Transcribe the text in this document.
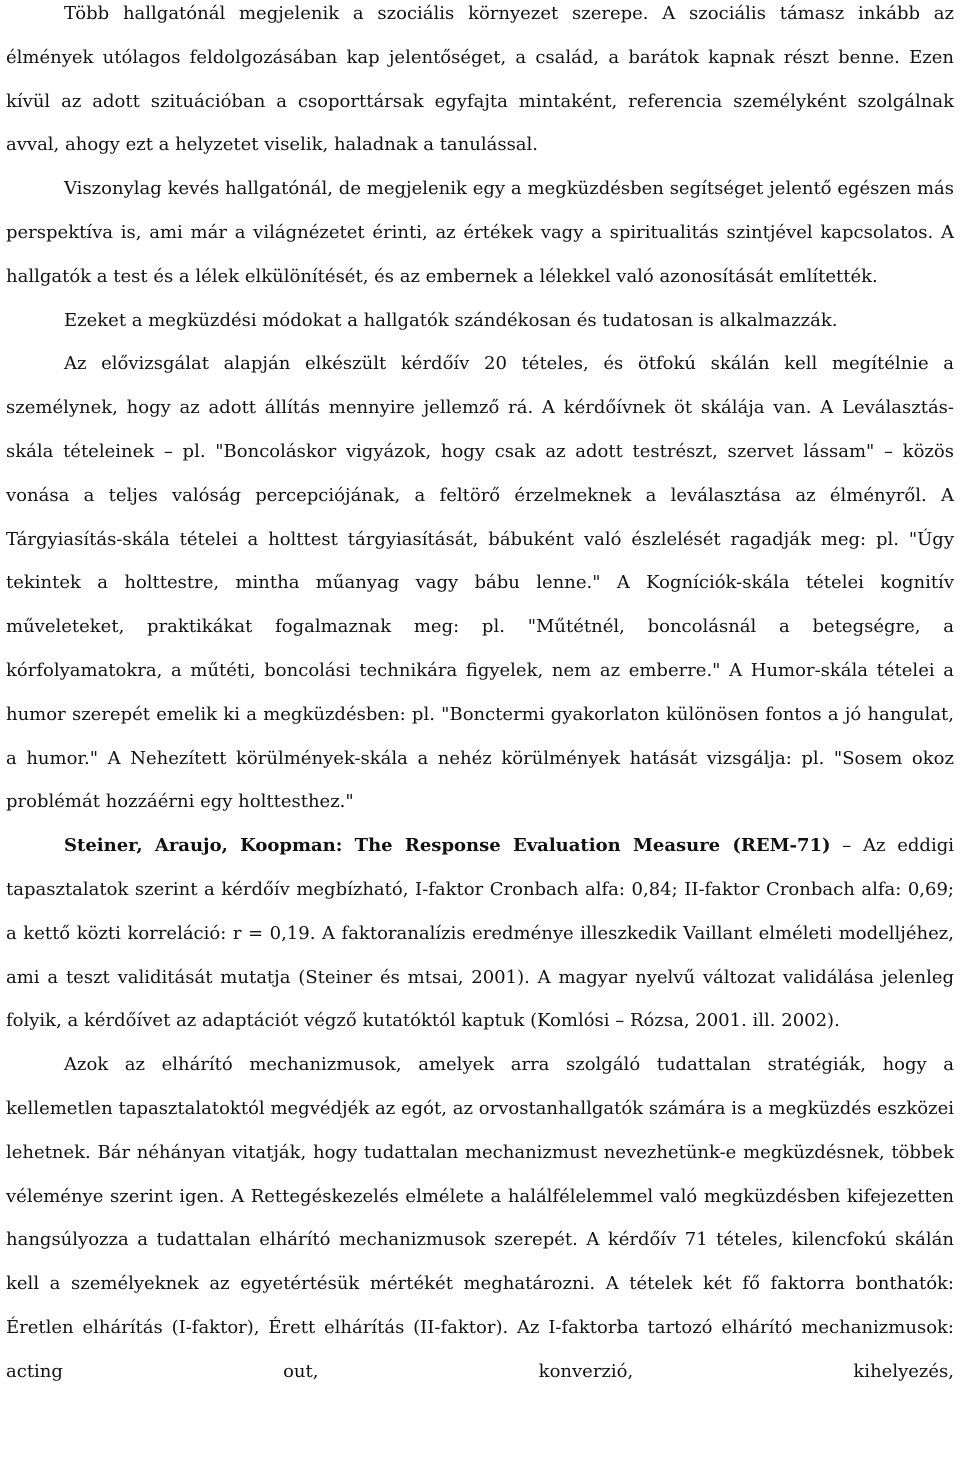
Több hallgatónál megjelenik a szociális környezet szerepe. A szociális támasz inkább az élmények utólagos feldolgozásában kap jelentőséget, a család, a barátok kapnak részt benne. Ezen kívül az adott szituációban a csoporttársak egyfajta mintaként, referencia személyként szolgálnak avval, ahogy ezt a helyzetet viselik, haladnak a tanulással.

Viszonylag kevés hallgatónál, de megjelenik egy a megküzdésben segítséget jelentő egészen más perspektíva is, ami már a világnézetet érinti, az értékek vagy a spiritualitás szintjével kapcsolatos. A hallgatók a test és a lélek elkülönítését, és az embernek a lélekkel való azonosítását említették.

Ezeket a megküzdési módokat a hallgatók szándékosan és tudatosan is alkalmazzák.

Az elővizsgálat alapján elkészült kérdőív 20 tételes, és ötfokú skálán kell megítélnie a személynek, hogy az adott állítás mennyire jellemző rá. A kérdőívnek öt skálája van. A Leválasztás-skála tételeinek – pl. "Boncoláskor vigyázok, hogy csak az adott testrészt, szervet lássam" – közös vonása a teljes valóság percepciójának, a feltörő érzelmeknek a leválasztása az élményről. A Tárgyiasítás-skála tételei a holttest tárgyiasítását, bábuként való észlelését ragadják meg: pl. "Úgy tekintek a holttestre, mintha műanyag vagy bábu lenne." A Kogníciók-skála tételei kognitív műveleteket, praktikákat fogalmaznak meg: pl. "Műtétnél, boncolásnál a betegségre, a kórfolyamatokra, a műtéti, boncolási technikára figyelek, nem az emberre." A Humor-skála tételei a humor szerepét emelik ki a megküzdésben: pl. "Bonctermi gyakorlaton különösen fontos a jó hangulat, a humor." A Nehezített körülmények-skála a nehéz körülmények hatását vizsgálja: pl. "Sosem okoz problémát hozzáérni egy holttesthez."

Steiner, Araujo, Koopman: The Response Evaluation Measure (REM-71) – Az eddigi tapasztalatok szerint a kérdőív megbízható, I-faktor Cronbach alfa: 0,84; II-faktor Cronbach alfa: 0,69; a kettő közti korreláció: r = 0,19. A faktoranalízis eredménye illeszkedik Vaillant elméleti modelljéhez, ami a teszt validitását mutatja (Steiner és mtsai, 2001). A magyar nyelvű változat validálása jelenleg folyik, a kérdőívet az adaptációt végző kutatóktól kaptuk (Komlósi – Rózsa, 2001. ill. 2002).

Azok az elhárító mechanizmusok, amelyek arra szolgáló tudattalan stratégiák, hogy a kellemetlen tapasztalatoktól megvédjék az egót, az orvostanhallgatók számára is a megküzdés eszközei lehetnek. Bár néhányan vitatják, hogy tudattalan mechanizmust nevezhetünk-e megküzdésnek, többek véleménye szerint igen. A Rettegéskezelés elmélete a halálfélelemmel való megküzdésben kifejezetten hangsúlyozza a tudattalan elhárító mechanizmusok szerepét. A kérdőív 71 tételes, kilencfokú skálán kell a személyeknek az egyetértésük mértékét meghatározni. A tételek két fő faktorra bonthatók: Éretlen elhárítás (I-faktor), Érett elhárítás (II-faktor). Az I-faktorba tartozó elhárító mechanizmusok: acting out, konverzió, kihelyezés,
